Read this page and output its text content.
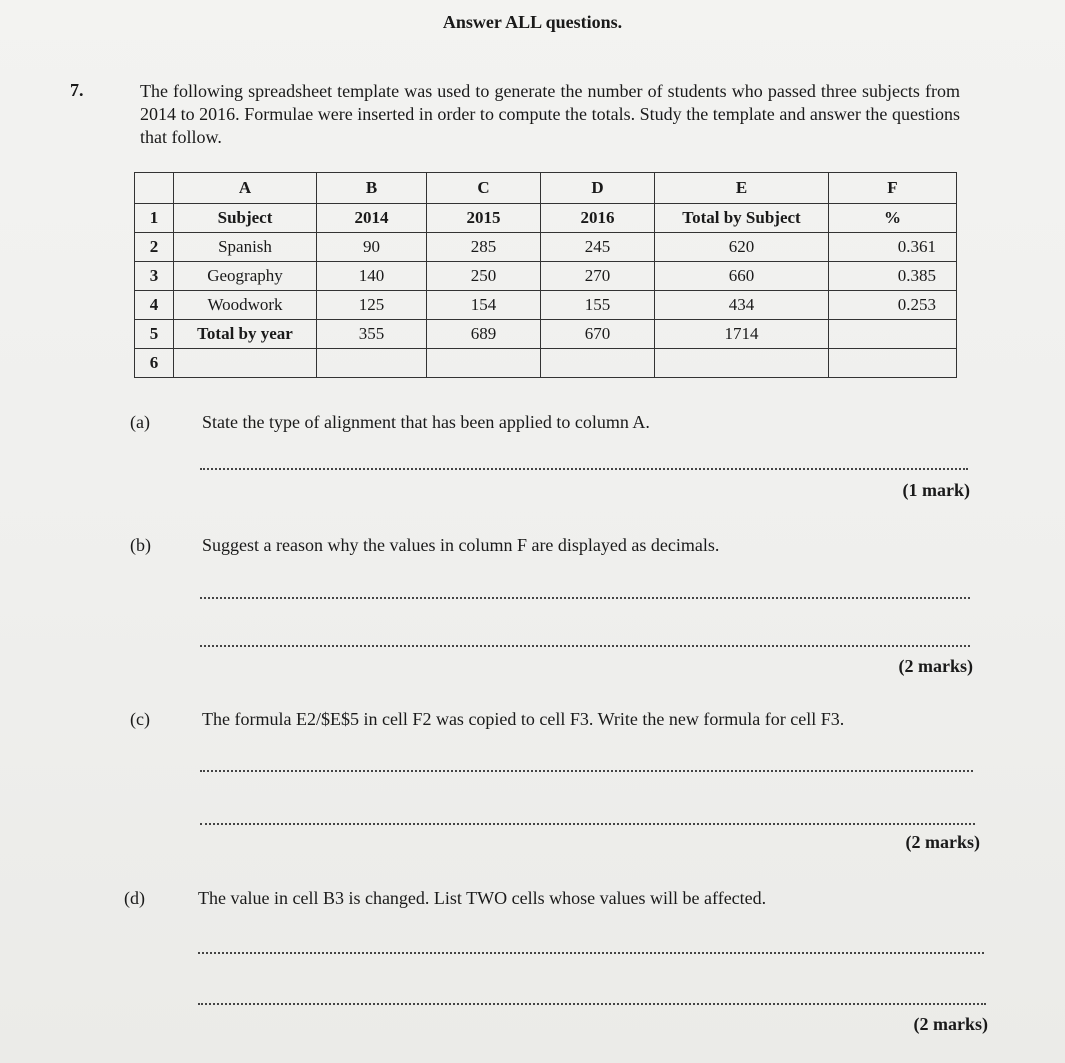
Answer ALL questions.
7.	The following spreadsheet template was used to generate the number of students who passed three subjects from 2014 to 2016. Formulae were inserted in order to compute the totals. Study the template and answer the questions that follow.
	A	B	C	D	E	F
1	Subject	2014	2015	2016	Total by Subject	%
2	Spanish	90	285	245	620	0.361
3	Geography	140	250	270	660	0.385
4	Woodwork	125	154	155	434	0.253
5	Total by year	355	689	670	1714	
6						
(a)	State the type of alignment that has been applied to column A.
(1 mark)
(b)	Suggest a reason why the values in column F are displayed as decimals.
(2 marks)
(c)	The formula E2/$E$5 in cell F2 was copied to cell F3. Write the new formula for cell F3.
(2 marks)
(d)	The value in cell B3 is changed. List TWO cells whose values will be affected.
(2 marks)
